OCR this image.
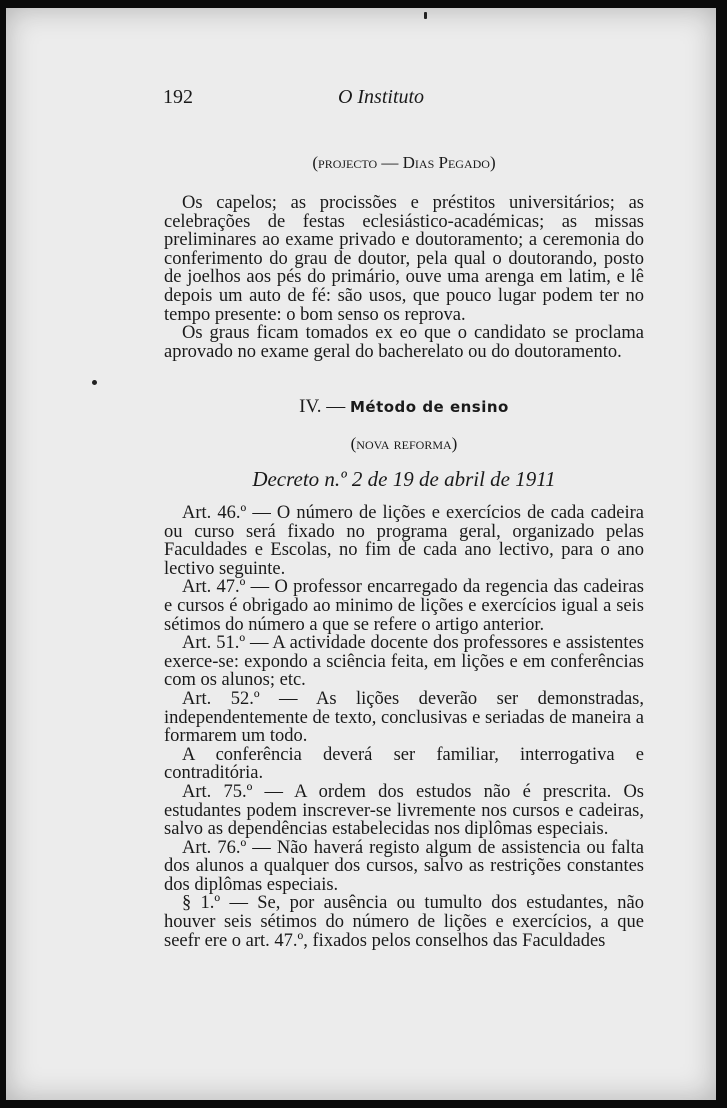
192	O Instituto
(projecto — Dias Pegado)

Os capelos; as procissões e préstitos universitários; as celebrações de festas eclesiástico-académicas; as missas preliminares ao exame privado e doutoramento; a ceremonia do conferimento do grau de doutor, pela qual o doutorando, posto de joelhos aos pés do primário, ouve uma arenga em latim, e lê depois um auto de fé: são usos, que pouco lugar podem ter no tempo presente: o bom senso os reprova.

Os graus ficam tomados ex eo que o candidato se proclama aprovado no exame geral do bacherelato ou do doutoramento.

IV. — Método de ensino
(nova reforma)
Decreto n.º 2 de 19 de abril de 1911

Art. 46.º — O número de lições e exercícios de cada cadeira ou curso será fixado no programa geral, organizado pelas Faculdades e Escolas, no fim de cada ano lectivo, para o ano lectivo seguinte.

Art. 47.º — O professor encarregado da regencia das cadeiras e cursos é obrigado ao minimo de lições e exercícios igual a seis sétimos do número a que se refere o artigo anterior.

Art. 51.º — A actividade docente dos professores e assistentes exerce-se: expondo a sciência feita, em lições e em conferências com os alunos; etc.

Art. 52.º — As lições deverão ser demonstradas, independentemente de texto, conclusivas e seriadas de maneira a formarem um todo.

A conferência deverá ser familiar, interrogativa e contraditória.

Art. 75.º — A ordem dos estudos não é prescrita. Os estudantes podem inscrever-se livremente nos cursos e cadeiras, salvo as dependências estabelecidas nos diplômas especiais.

Art. 76.º — Não haverá registo algum de assistencia ou falta dos alunos a qualquer dos cursos, salvo as restrições constantes dos diplômas especiais.

§ 1.º — Se, por ausência ou tumulto dos estudantes, não houver seis sétimos do número de lições e exercícios, a que seefr ere o art. 47.º, fixados pelos conselhos das Faculdades
